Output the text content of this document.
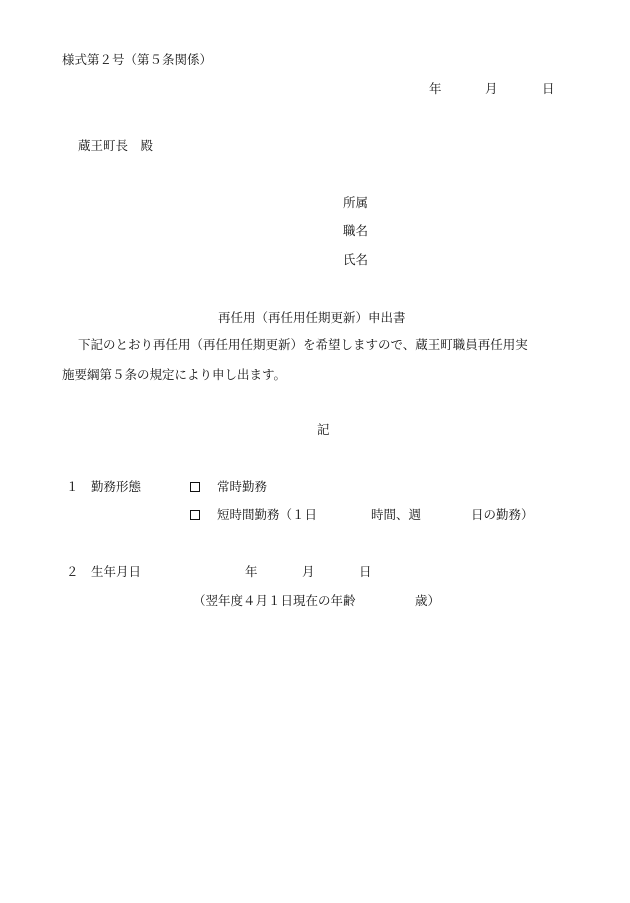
様式第２号（第５条関係）
年	月	日
蔵王町長　殿
所属
職名
氏名
再任用（再任用任期更新）申出書
下記のとおり再任用（再任用任期更新）を希望しますので、蔵王町職員再任用実
施要綱第５条の規定により申し出ます。
記
１ 勤務形態	常時勤務
短時間勤務（１日	時間、週	日の勤務）
２ 生年月日	年	月	日
（翌年度４月１日現在の年齢	歳）
